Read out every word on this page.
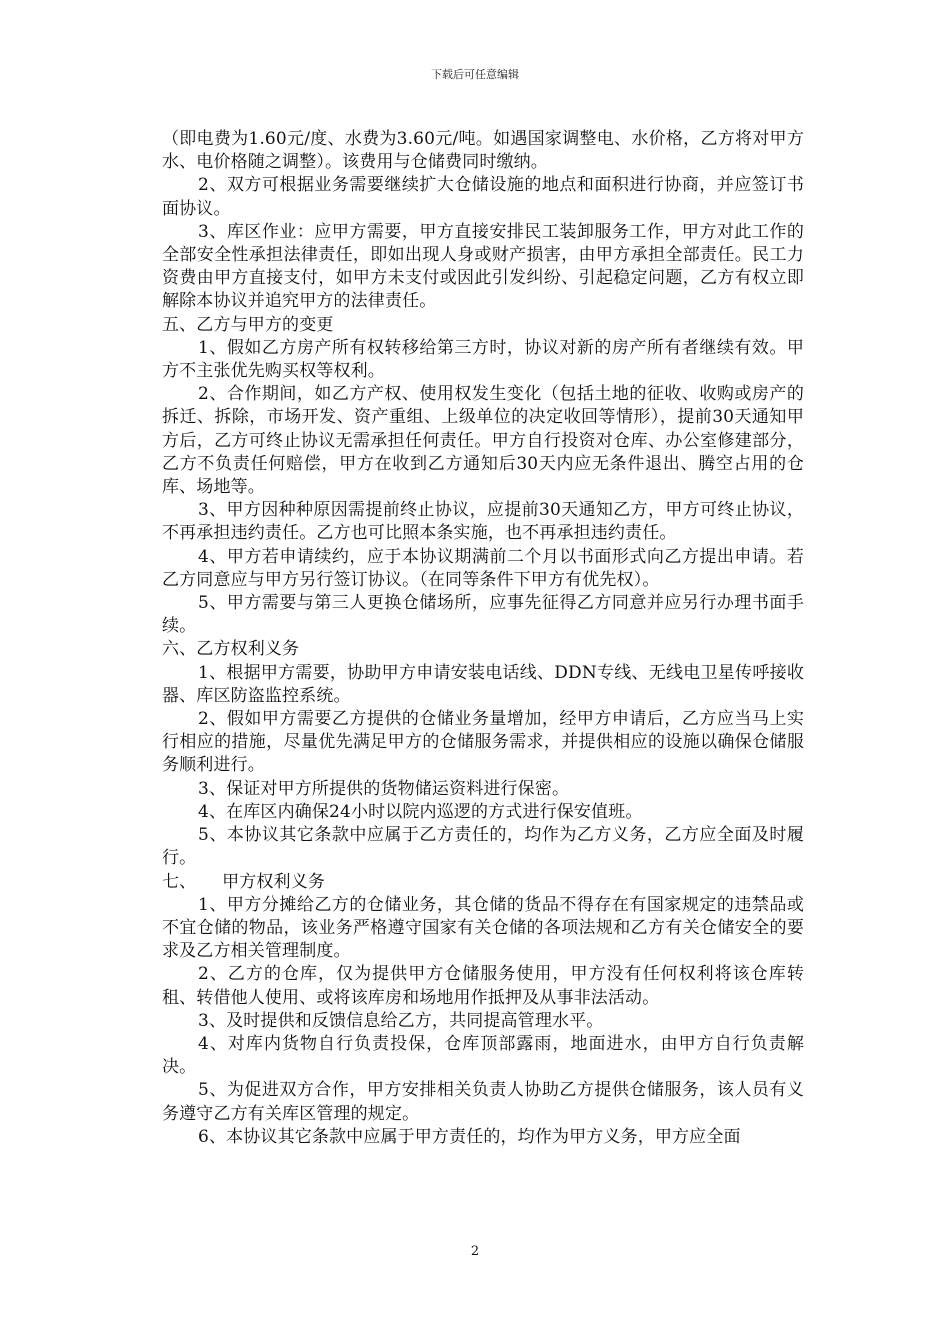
下载后可任意编辑

（即电费为1.60元/度、水费为3.60元/吨。如遇国家调整电、水价格，乙方将对甲方水、电价格随之调整）。该费用与仓储费同时缴纳。

2、双方可根据业务需要继续扩大仓储设施的地点和面积进行协商，并应签订书面协议。

3、库区作业：应甲方需要，甲方直接安排民工装卸服务工作，甲方对此工作的全部安全性承担法律责任，即如出现人身或财产损害，由甲方承担全部责任。民工力资费由甲方直接支付，如甲方未支付或因此引发纠纷、引起稳定问题，乙方有权立即解除本协议并追究甲方的法律责任。

五、乙方与甲方的变更

1、假如乙方房产所有权转移给第三方时，协议对新的房产所有者继续有效。甲方不主张优先购买权等权利。

2、合作期间，如乙方产权、使用权发生变化（包括土地的征收、收购或房产的拆迁、拆除，市场开发、资产重组、上级单位的决定收回等情形），提前30天通知甲方后，乙方可终止协议无需承担任何责任。甲方自行投资对仓库、办公室修建部分，乙方不负责任何赔偿，甲方在收到乙方通知后30天内应无条件退出、腾空占用的仓库、场地等。

3、甲方因种种原因需提前终止协议，应提前30天通知乙方，甲方可终止协议，不再承担违约责任。乙方也可比照本条实施，也不再承担违约责任。

4、甲方若申请续约，应于本协议期满前二个月以书面形式向乙方提出申请。若乙方同意应与甲方另行签订协议。（在同等条件下甲方有优先权）。

5、甲方需要与第三人更换仓储场所，应事先征得乙方同意并应另行办理书面手续。

六、乙方权利义务

1、根据甲方需要，协助甲方申请安装电话线、DDN专线、无线电卫星传呼接收器、库区防盗监控系统。

2、假如甲方需要乙方提供的仓储业务量增加，经甲方申请后，乙方应当马上实行相应的措施，尽量优先满足甲方的仓储服务需求，并提供相应的设施以确保仓储服务顺利进行。

3、保证对甲方所提供的货物储运资料进行保密。

4、在库区内确保24小时以院内巡逻的方式进行保安值班。

5、本协议其它条款中应属于乙方责任的，均作为乙方义务，乙方应全面及时履行。

七、　　甲方权利义务

1、甲方分摊给乙方的仓储业务，其仓储的货品不得存在有国家规定的违禁品或不宜仓储的物品，该业务严格遵守国家有关仓储的各项法规和乙方有关仓储安全的要求及乙方相关管理制度。

2、乙方的仓库，仅为提供甲方仓储服务使用，甲方没有任何权利将该仓库转租、转借他人使用、或将该库房和场地用作抵押及从事非法活动。

3、及时提供和反馈信息给乙方，共同提高管理水平。

4、对库内货物自行负责投保，仓库顶部露雨，地面进水，由甲方自行负责解决。

5、为促进双方合作，甲方安排相关负责人协助乙方提供仓储服务，该人员有义务遵守乙方有关库区管理的规定。

6、本协议其它条款中应属于甲方责任的，均作为甲方义务，甲方应全面

2
